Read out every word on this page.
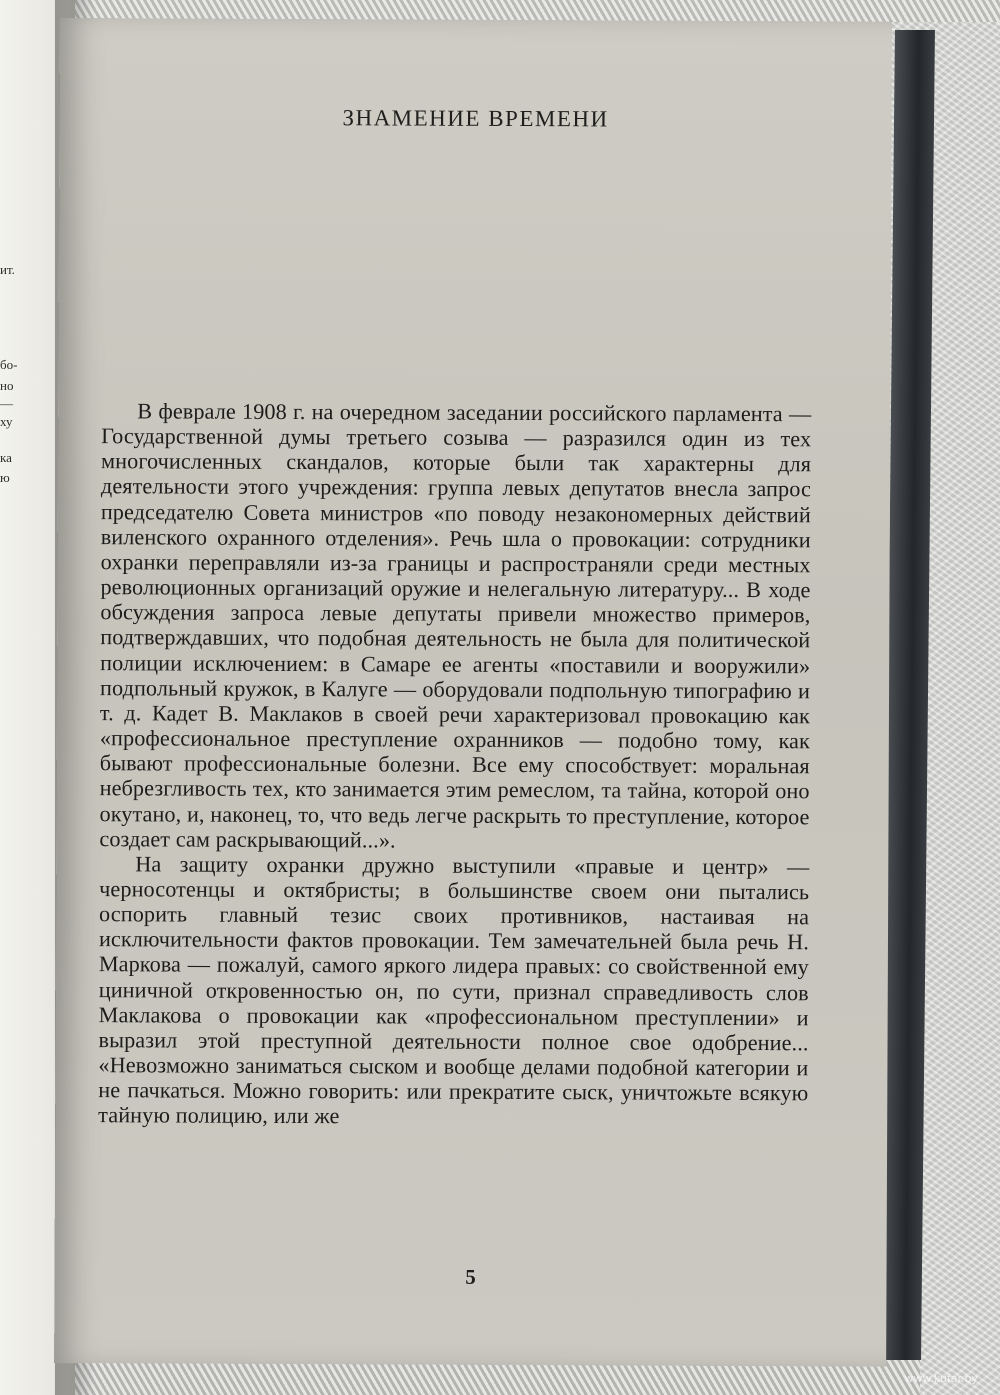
ит.
бо-
но
—
ху
ка
ю
ЗНАМЕНИЕ ВРЕМЕНИ

В феврале 1908 г. на очередном заседании российского парламента — Государственной думы третьего созыва — разразился один из тех многочисленных скандалов, которые были так характерны для деятельности этого учреждения: группа левых депутатов внесла запрос председателю Совета министров «по поводу незакономерных действий виленского охранного отделения». Речь шла о провокации: сотрудники охранки переправляли из-за границы и распространяли среди местных революционных организаций оружие и нелегальную литературу... В ходе обсуждения запроса левые депутаты привели множество примеров, подтверждавших, что подобная деятельность не была для политической полиции исключением: в Самаре ее агенты «поставили и вооружили» подпольный кружок, в Калуге — оборудовали подпольную типографию и т. д. Кадет В. Маклаков в своей речи характеризовал провокацию как «профессиональное преступление охранников — подобно тому, как бывают профессиональные болезни. Все ему способствует: моральная небрезгливость тех, кто занимается этим ремеслом, та тайна, которой оно окутано, и, наконец, то, что ведь легче раскрыть то преступление, которое создает сам раскрывающий...».

На защиту охранки дружно выступили «правые и центр» — черносотенцы и октябристы; в большинстве своем они пытались оспорить главный тезис своих противников, настаивая на исключительности фактов провокации. Тем замечательней была речь Н. Маркова — пожалуй, самого яркого лидера правых: со свойственной ему циничной откровенностью он, по сути, признал справедливость слов Маклакова о провокации как «профессиональном преступлении» и выразил этой преступной деятельности полное свое одобрение... «Невозможно заниматься сыском и вообще делами подобной категории и не пачкаться. Можно говорить: или прекратите сыск, уничтожьте всякую тайную полицию, или же

5
www.kufar.by
